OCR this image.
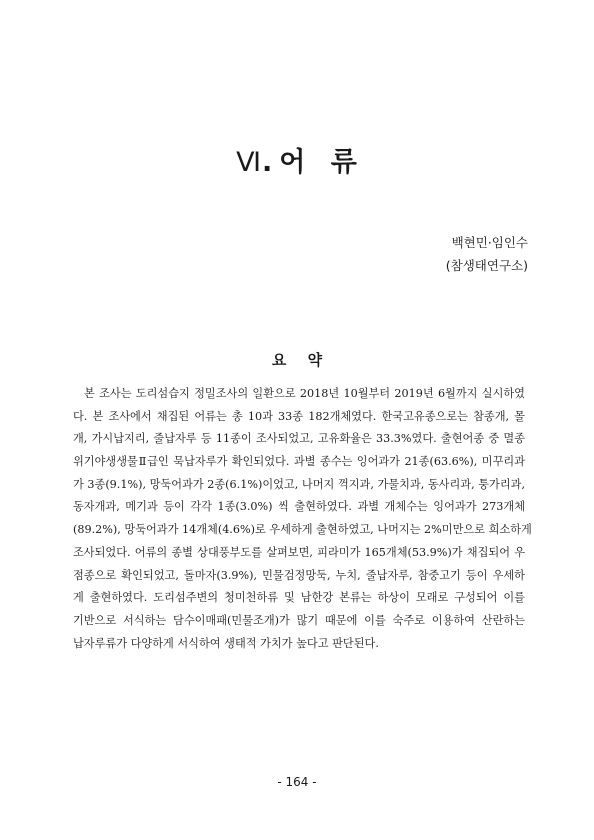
Ⅵ. 어 류
백현민·임인수
(참생태연구소)
요 약
본 조사는 도리섬습지 정밀조사의 일환으로 2018년 10월부터 2019년 6월까지 실시하였
다. 본 조사에서 채집된 어류는 총 10과 33종 182개체였다. 한국고유종으로는 참종개, 몰
개, 가시납지리, 줄납자루 등 11종이 조사되었고, 고유화율은 33.3%였다. 출현어종 중 멸종
위기야생생물Ⅱ급인 묵납자루가 확인되었다. 과별 종수는 잉어과가 21종(63.6%), 미꾸리과
가 3종(9.1%), 망둑어과가 2종(6.1%)이었고, 나머지 꺽지과, 가물치과, 동사리과, 퉁가리과,
동자개과, 메기과 등이 각각 1종(3.0%) 씩 출현하였다. 과별 개체수는 잉어과가 273개체
(89.2%), 망둑어과가 14개체(4.6%)로 우세하게 출현하였고, 나머지는 2%미만으로 희소하게
조사되었다. 어류의 종별 상대풍부도를 살펴보면, 피라미가 165개체(53.9%)가 채집되어 우
점종으로 확인되었고, 돌마자(3.9%), 민물검정망둑, 누치, 줄납자루, 참중고기 등이 우세하
게 출현하였다. 도리섬주변의 청미천하류 및 남한강 본류는 하상이 모래로 구성되어 이를
기반으로 서식하는 담수이매패(민물조개)가 많기 때문에 이를 숙주로 이용하여 산란하는
납자루류가 다양하게 서식하여 생태적 가치가 높다고 판단된다.
- 164 -
